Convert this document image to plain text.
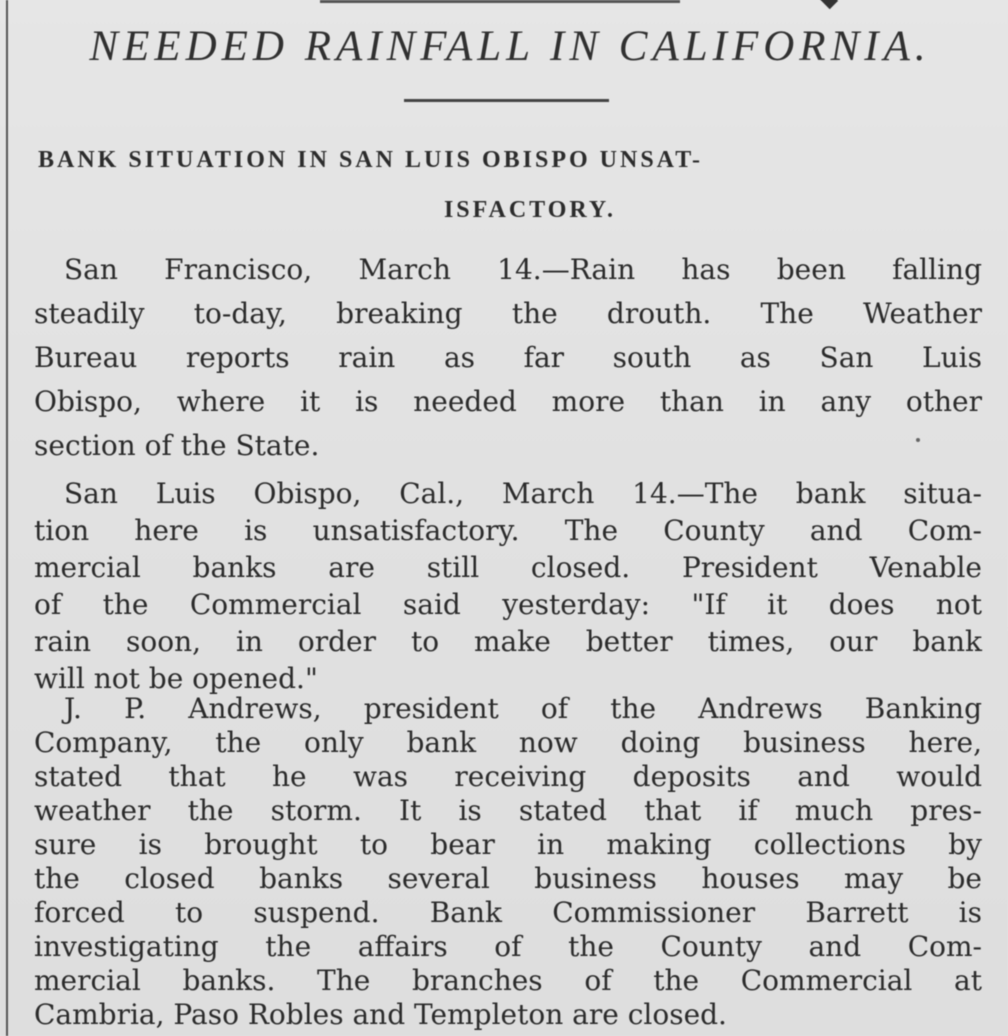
NEEDED RAINFALL IN CALIFORNIA.
BANK SITUATION IN SAN LUIS OBISPO UNSAT-
ISFACTORY.
San Francisco, March 14.—Rain has been falling
steadily to-day, breaking the drouth. The Weather
Bureau reports rain as far south as San Luis
Obispo, where it is needed more than in any other
section of the State.
San Luis Obispo, Cal., March 14.—The bank situa-
tion here is unsatisfactory. The County and Com-
mercial banks are still closed. President Venable
of the Commercial said yesterday: "If it does not
rain soon, in order to make better times, our bank
will not be opened."
J. P. Andrews, president of the Andrews Banking
Company, the only bank now doing business here,
stated that he was receiving deposits and would
weather the storm. It is stated that if much pres-
sure is brought to bear in making collections by
the closed banks several business houses may be
forced to suspend. Bank Commissioner Barrett is
investigating the affairs of the County and Com-
mercial banks. The branches of the Commercial at
Cambria, Paso Robles and Templeton are closed.
